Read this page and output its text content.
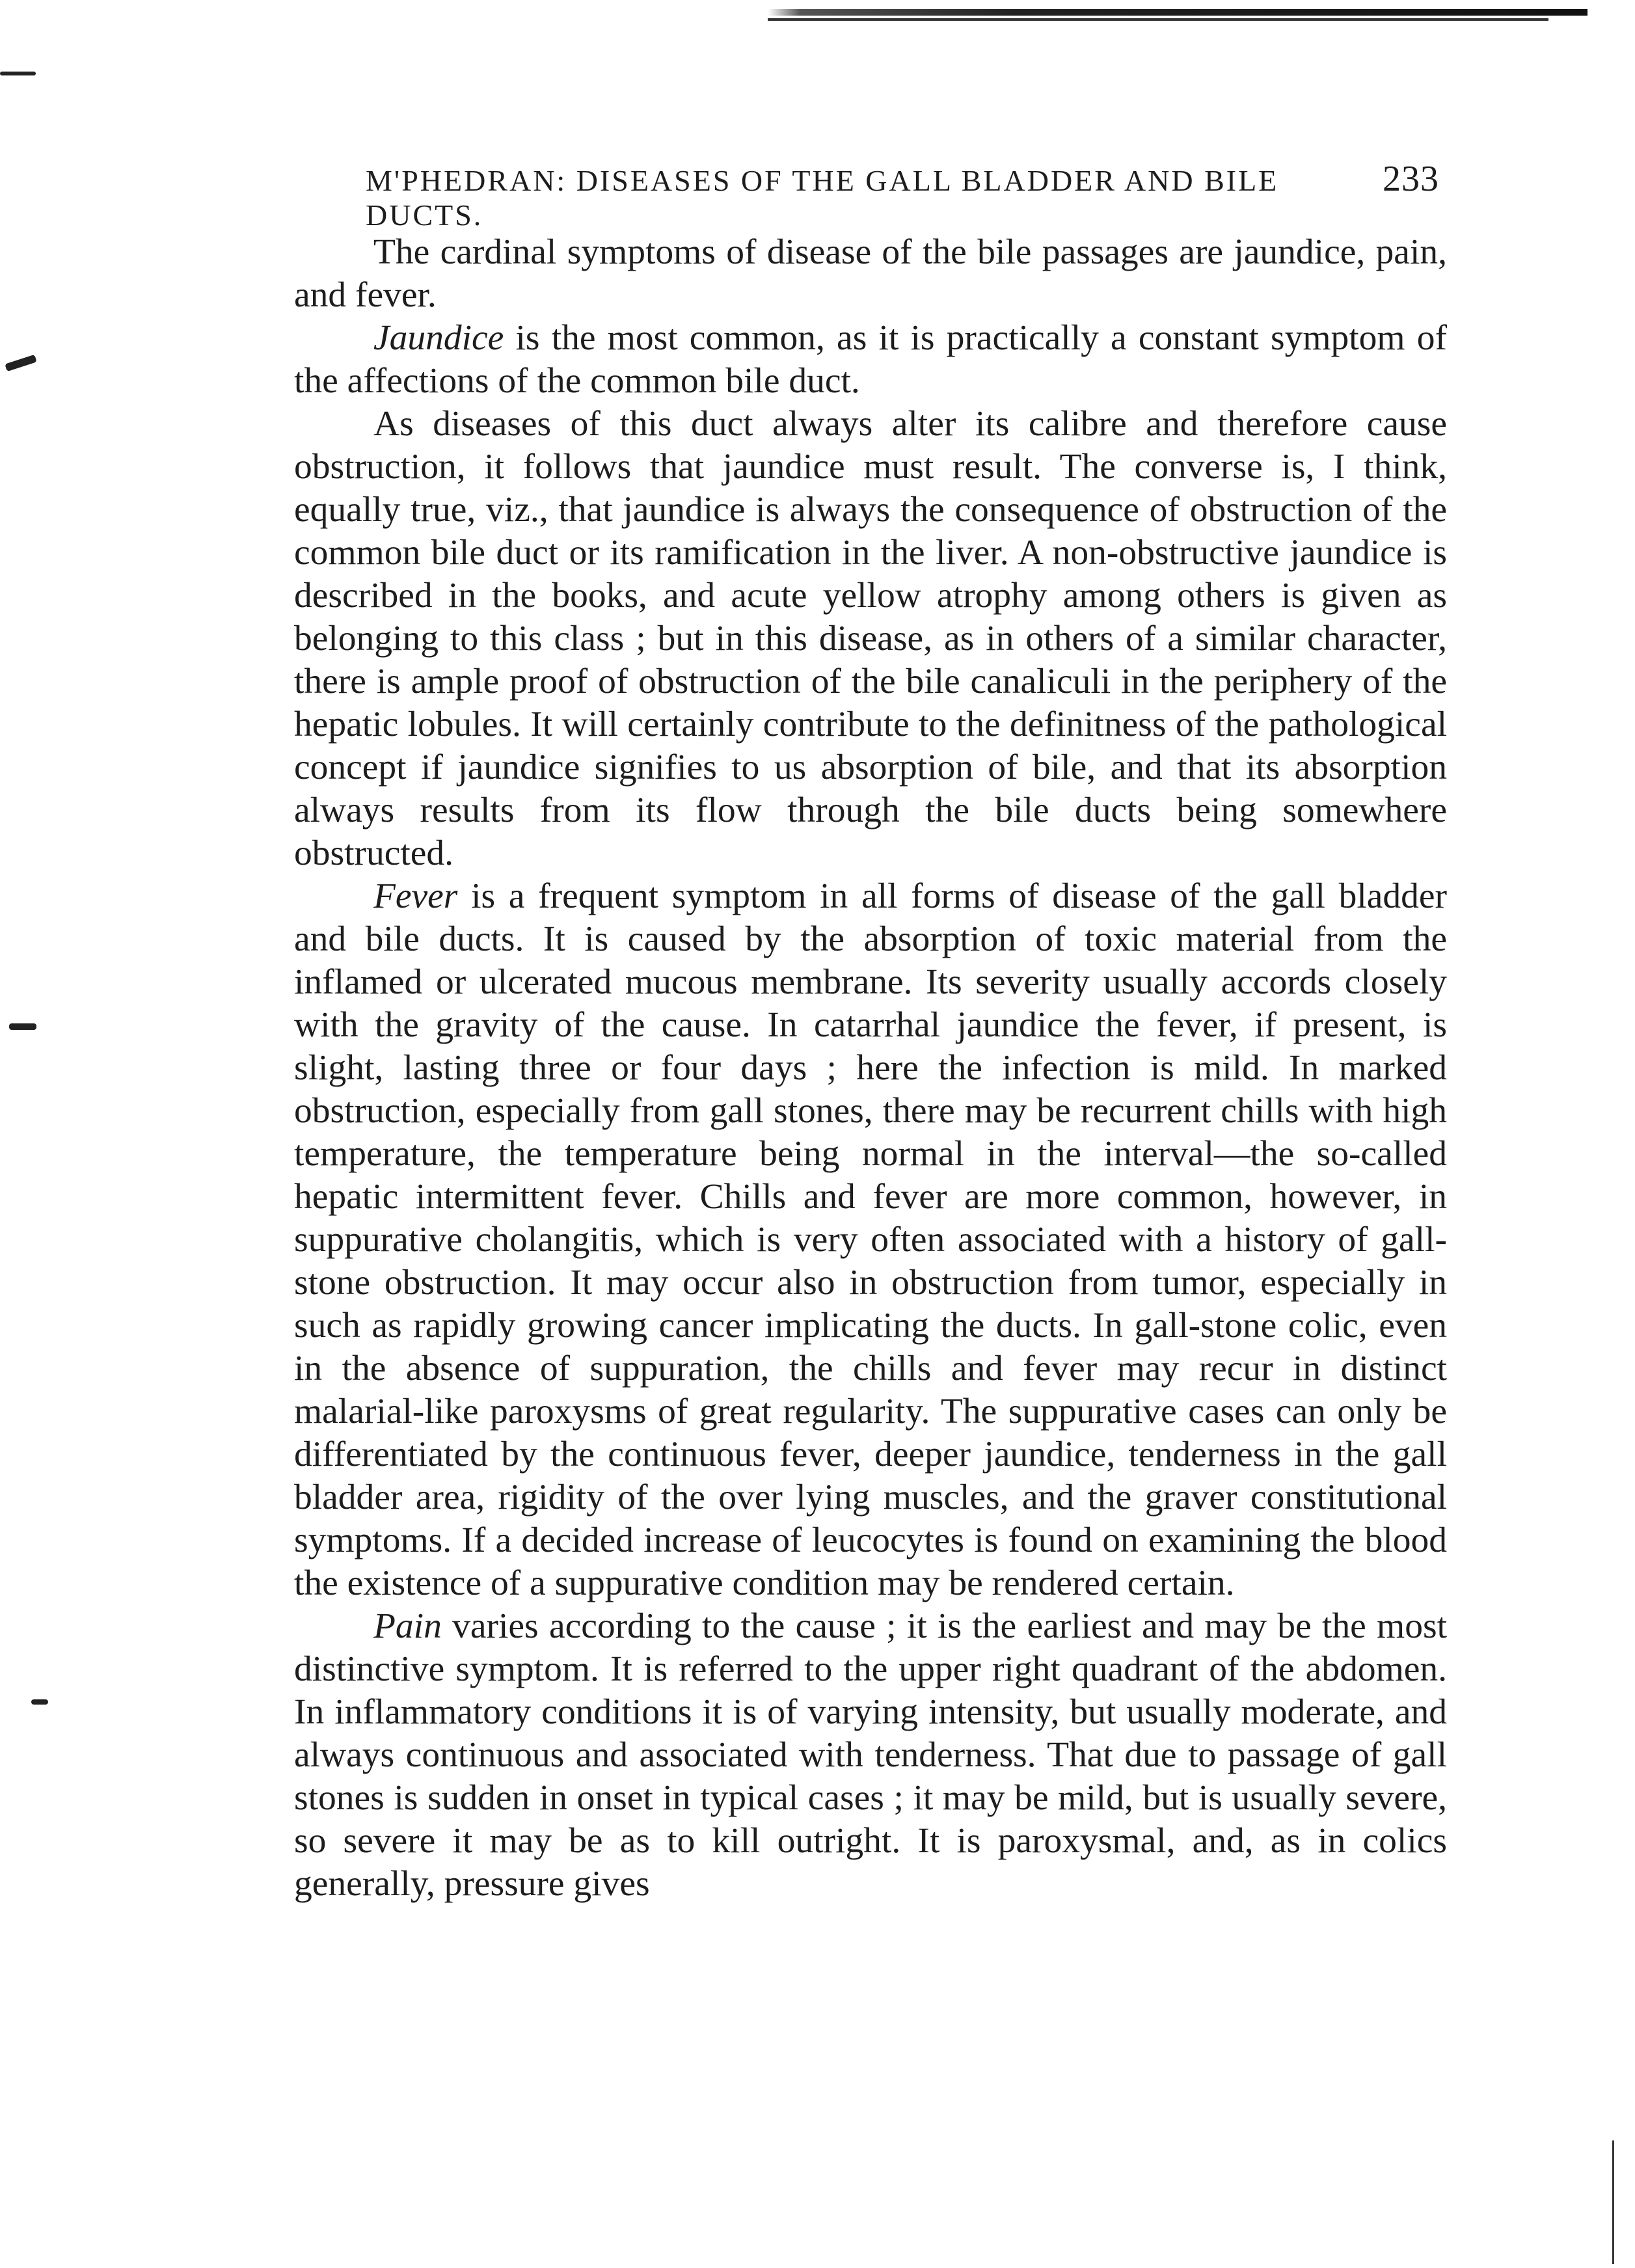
M'PHEDRAN: DISEASES OF THE GALL BLADDER AND BILE DUCTS.
233

The cardinal symptoms of disease of the bile passages are jaundice, pain, and fever.

Jaundice is the most common, as it is practically a constant symptom of the affections of the common bile duct.

As diseases of this duct always alter its calibre and therefore cause obstruction, it follows that jaundice must result. The converse is, I think, equally true, viz., that jaundice is always the consequence of obstruction of the common bile duct or its ramification in the liver. A non-obstructive jaundice is described in the books, and acute yellow atrophy among others is given as belonging to this class ; but in this disease, as in others of a similar character, there is ample proof of obstruction of the bile canaliculi in the periphery of the hepatic lobules. It will certainly contribute to the definitness of the pathological concept if jaundice signifies to us absorption of bile, and that its absorption always results from its flow through the bile ducts being somewhere obstructed.

Fever is a frequent symptom in all forms of disease of the gall bladder and bile ducts. It is caused by the absorption of toxic material from the inflamed or ulcerated mucous membrane. Its severity usually accords closely with the gravity of the cause. In catarrhal jaundice the fever, if present, is slight, lasting three or four days ; here the infection is mild. In marked obstruction, especially from gall stones, there may be recurrent chills with high temperature, the temperature being normal in the interval—the so-called hepatic intermittent fever. Chills and fever are more common, however, in suppurative cholangitis, which is very often associated with a history of gall-stone obstruction. It may occur also in obstruction from tumor, especially in such as rapidly growing cancer implicating the ducts. In gall-stone colic, even in the absence of suppuration, the chills and fever may recur in distinct malarial-like paroxysms of great regularity. The suppurative cases can only be differentiated by the continuous fever, deeper jaundice, tenderness in the gall bladder area, rigidity of the over lying muscles, and the graver constitutional symptoms. If a decided increase of leucocytes is found on examining the blood the existence of a suppurative condition may be rendered certain.

Pain varies according to the cause ; it is the earliest and may be the most distinctive symptom. It is referred to the upper right quadrant of the abdomen. In inflammatory conditions it is of varying intensity, but usually moderate, and always continuous and associated with tenderness. That due to passage of gall stones is sudden in onset in typical cases ; it may be mild, but is usually severe, so severe it may be as to kill outright. It is paroxysmal, and, as in colics generally, pressure gives
